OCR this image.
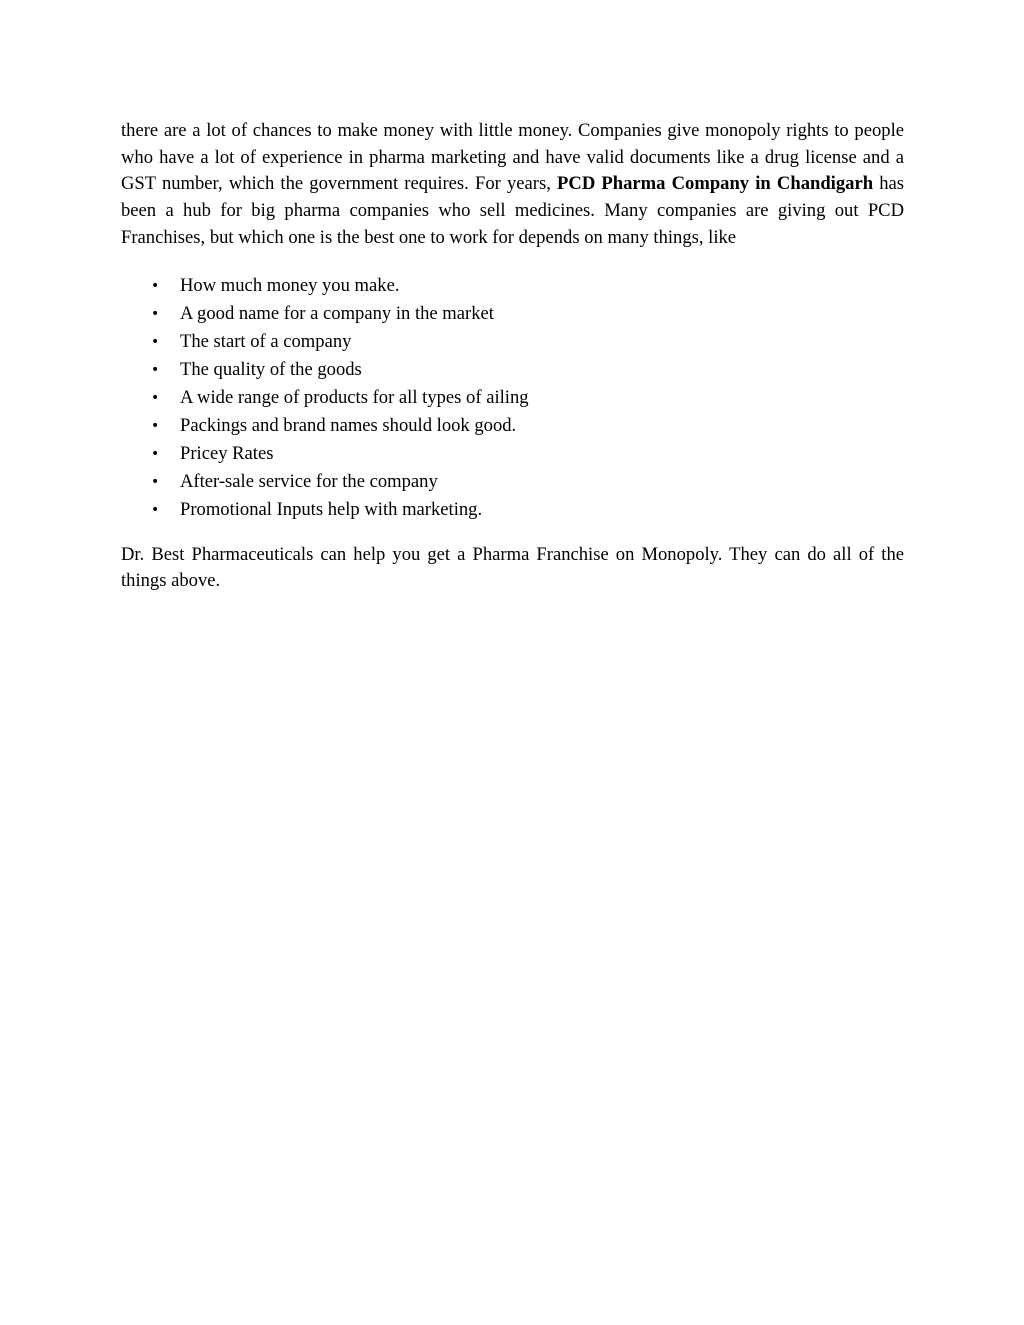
there are a lot of chances to make money with little money. Companies give monopoly rights to people who have a lot of experience in pharma marketing and have valid documents like a drug license and a GST number, which the government requires. For years, PCD Pharma Company in Chandigarh has been a hub for big pharma companies who sell medicines. Many companies are giving out PCD Franchises, but which one is the best one to work for depends on many things, like

• How much money you make.
• A good name for a company in the market
• The start of a company
• The quality of the goods
• A wide range of products for all types of ailing
• Packings and brand names should look good.
• Pricey Rates
• After-sale service for the company
• Promotional Inputs help with marketing.

Dr. Best Pharmaceuticals can help you get a Pharma Franchise on Monopoly. They can do all of the things above.
